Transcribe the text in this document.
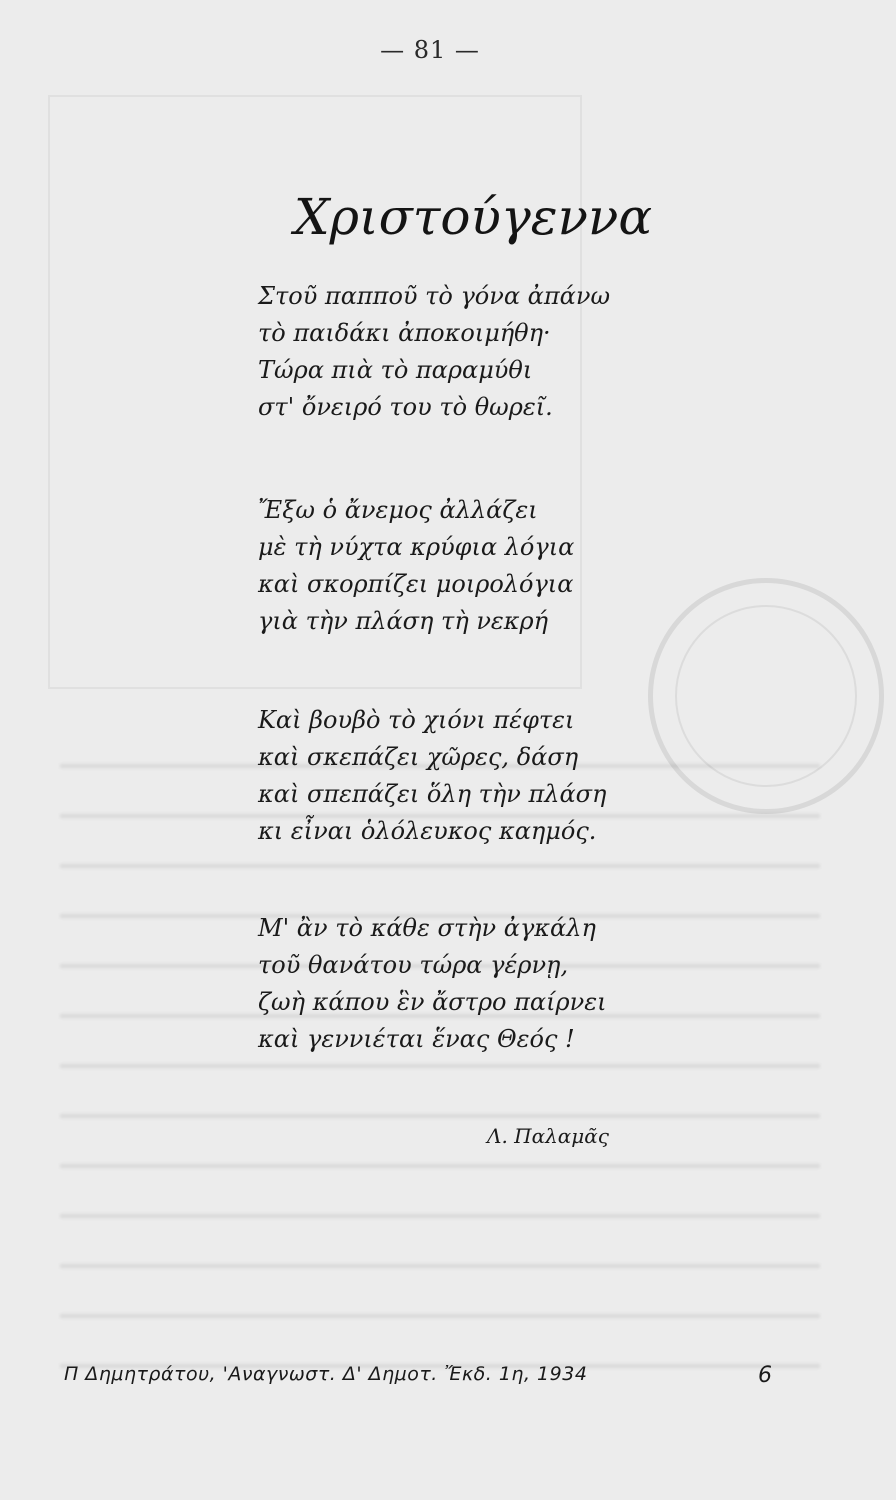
— 81 —
Χριστούγεννα
Στοῦ παπποῦ τὸ γόνα ἀπάνω
τὸ παιδάκι ἀποκοιμήθη·
Τώρα πιὰ τὸ παραμύθι
στ' ὄνειρό του τὸ θωρεῖ.
Ἔξω ὁ ἄνεμος ἀλλάζει
μὲ τὴ νύχτα κρύφια λόγια
καὶ σκορπίζει μοιρολόγια
γιὰ τὴν πλάση τὴ νεκρή
Καὶ βουβὸ τὸ χιόνι πέφτει
καὶ σκεπάζει χῶρες, δάση
καὶ σπεπάζει ὅλη τὴν πλάση
κι εἶναι ὁλόλευκος καημός.
Μ' ἂν τὸ κάθε στὴν ἀγκάλη
τοῦ θανάτου τώρα γέρνῃ,
ζωὴ κάπου ἓν ἄστρο παίρνει
καὶ γεννιέται ἕνας Θεός !
Λ. Παλαμᾶς
Π Δημητράτου, 'Αναγνωστ. Δ' Δημοτ. Ἔκδ. 1η, 1934	6
